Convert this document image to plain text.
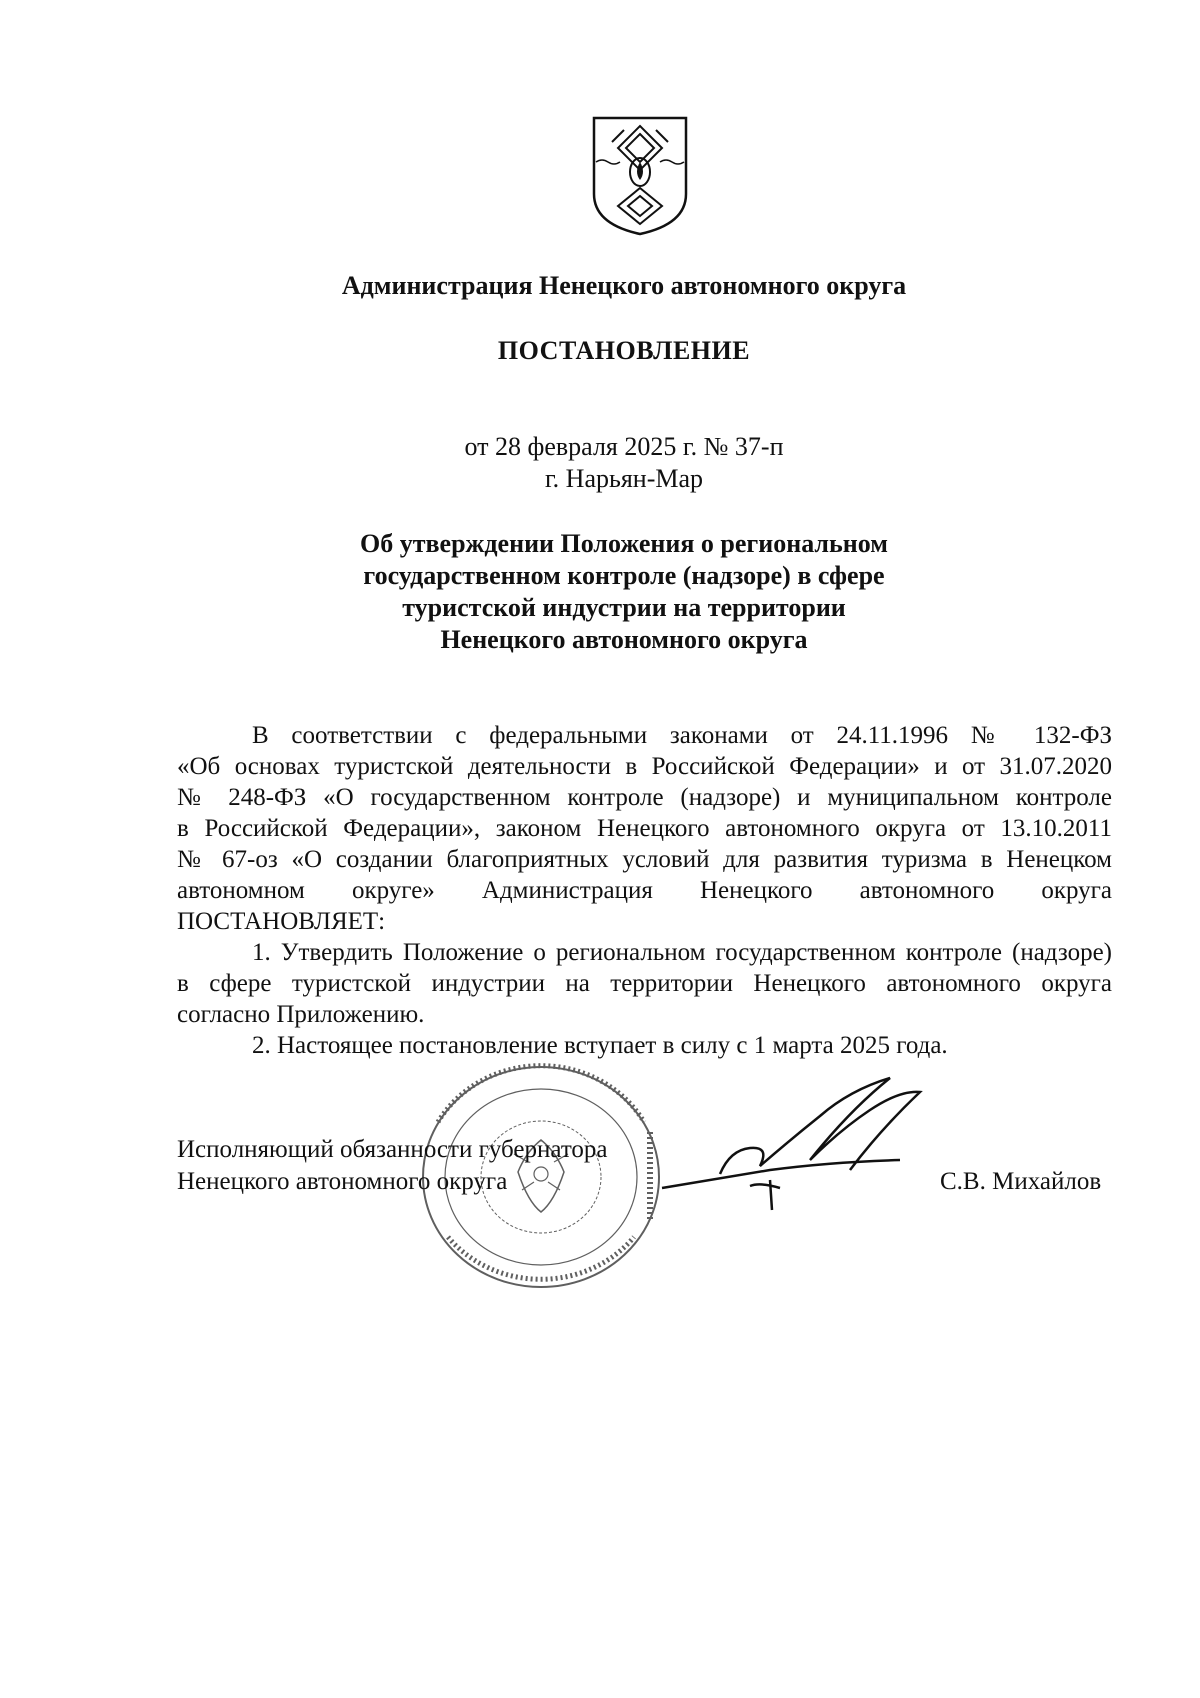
Администрация Ненецкого автономного округа
ПОСТАНОВЛЕНИЕ
от 28 февраля 2025 г. № 37-п
г. Нарьян-Мар
Об утверждении Положения о региональном
государственном контроле (надзоре) в сфере
туристской индустрии на территории
Ненецкого автономного округа
В соответствии с федеральными законами от 24.11.1996 № 132-ФЗ
«Об основах туристской деятельности в Российской Федерации» и от 31.07.2020
№ 248-ФЗ «О государственном контроле (надзоре) и муниципальном контроле
в Российской Федерации», законом Ненецкого автономного округа от 13.10.2011
№ 67-оз «О создании благоприятных условий для развития туризма в Ненецком
автономном округе» Администрация Ненецкого автономного округа
ПОСТАНОВЛЯЕТ:
1. Утвердить Положение о региональном государственном контроле (надзоре)
в сфере туристской индустрии на территории Ненецкого автономного округа
согласно Приложению.
2. Настоящее постановление вступает в силу с 1 марта 2025 года.
Исполняющий обязанности губернатора
Ненецкого автономного округа	С.В. Михайлов
